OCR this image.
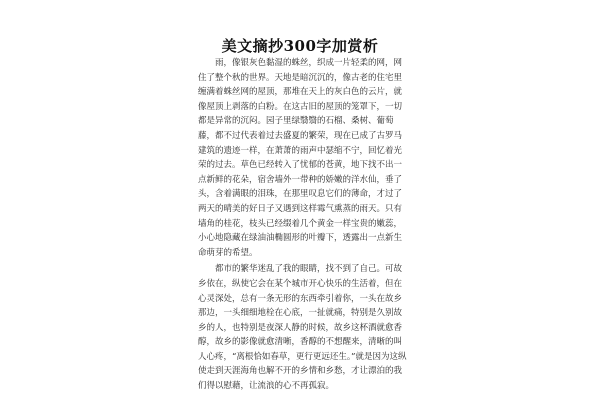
美文摘抄300字加赏析

雨，像银灰色黏湿的蛛丝，织成一片轻柔的网，网住了整个秋的世界。天地是暗沉沉的，像古老的住宅里缠满着蛛丝网的屋顶，那堆在天上的灰白色的云片，就像屋顶上剥落的白粉。在这古旧的屋顶的笼罩下，一切都是异常的沉闷。园子里绿翳翳的石榴、桑树、葡萄藤，都不过代表着过去盛夏的繁荣，现在已成了古罗马建筑的遗迹一样，在萧萧的雨声中瑟缩不宁，回忆着光荣的过去。草色已经转入了忧郁的苍黄，地下找不出一点新鲜的花朵，宿舍墙外一带种的娇嫩的洋水仙，垂了头，含着满眼的泪珠，在那里叹息它们的薄命，才过了两天的晴美的好日子又遇到这样霉气熏蒸的雨天。只有墙角的桂花，枝头已经缀着几个黄金一样宝贵的嫩蕊，小心地隐藏在绿油油椭圆形的叶瓣下，透露出一点新生命萌芽的希望。

都市的繁华迷乱了我的眼睛，找不到了自己。可故乡依在，纵使它会在某个城市开心快乐的生活着，但在心灵深处，总有一条无形的东西牵引着你，一头在故乡那边，一头细细地栓在心底，一扯就痛，特别是久别故乡的人，也特别是夜深人静的时候，故乡这杯酒就愈香醇，故乡的影像就愈清晰，香醇的不想醒来，清晰的叫人心疼，“离根恰如春草，更行更远还生。”就是因为这纵使走到天涯海角也解不开的乡情和乡愁，才让漂泊的我们得以慰藉，让流浪的心不再孤寂。
